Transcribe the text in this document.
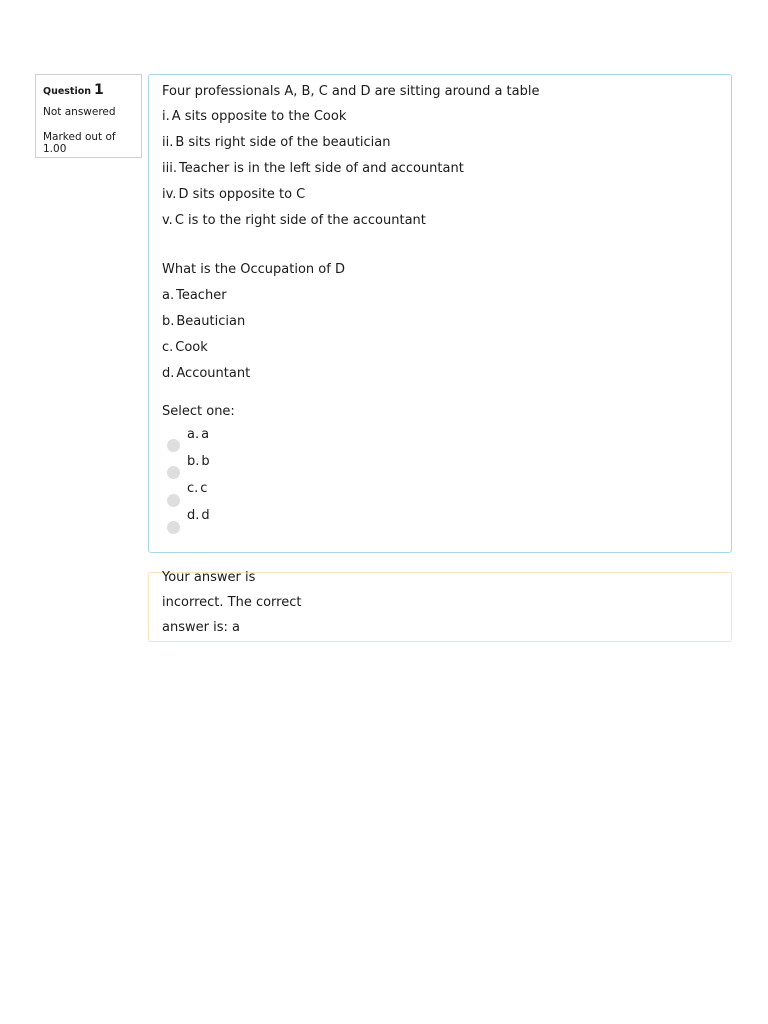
Question 1
Not answered
Marked out of 1.00
Four professionals A, B, C and D are sitting around a table
i. A sits opposite to the Cook
ii. B sits right side of the beautician
iii. Teacher is in the left side of and accountant
iv. D sits opposite to C
v. C is to the right side of the accountant
What is the Occupation of D
a. Teacher
b. Beautician
c. Cook
d. Accountant
Select one:
a. a
b. b
c. c
d. d
Your answer is
incorrect. The correct
answer is: a
